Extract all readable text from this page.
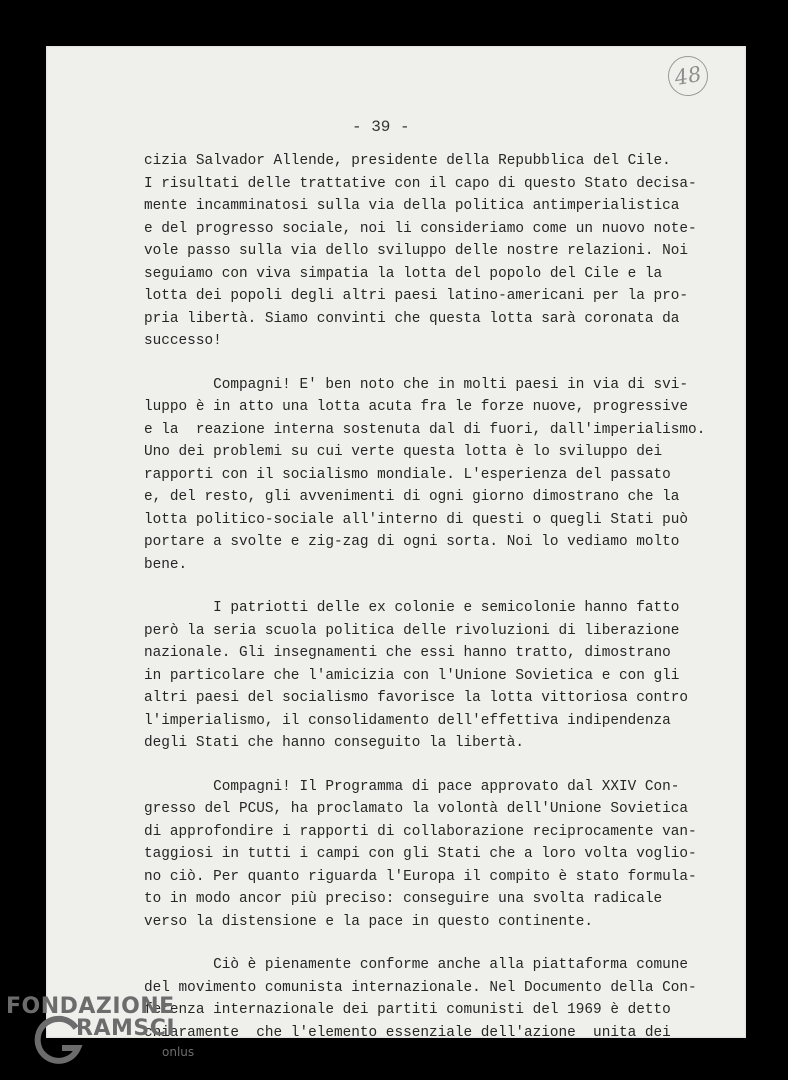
48
- 39 -
cizia Salvador Allende, presidente della Repubblica del Cile.
I risultati delle trattative con il capo di questo Stato decisa-
mente incamminatosi sulla via della politica antimperialistica
e del progresso sociale, noi li consideriamo come un nuovo note-
vole passo sulla via dello sviluppo delle nostre relazioni. Noi
seguiamo con viva simpatia la lotta del popolo del Cile e la
lotta dei popoli degli altri paesi latino-americani per la pro-
pria libertà. Siamo convinti che questa lotta sarà coronata da
successo!
Compagni! E' ben noto che in molti paesi in via di svi-
luppo è in atto una lotta acuta fra le forze nuove, progressive
e la  reazione interna sostenuta dal di fuori, dall'imperialismo.
Uno dei problemi su cui verte questa lotta è lo sviluppo dei
rapporti con il socialismo mondiale. L'esperienza del passato
e, del resto, gli avvenimenti di ogni giorno dimostrano che la
lotta politico-sociale all'interno di questi o quegli Stati può
portare a svolte e zig-zag di ogni sorta. Noi lo vediamo molto
bene.
I patriotti delle ex colonie e semicolonie hanno fatto
però la seria scuola politica delle rivoluzioni di liberazione
nazionale. Gli insegnamenti che essi hanno tratto, dimostrano
in particolare che l'amicizia con l'Unione Sovietica e con gli
altri paesi del socialismo favorisce la lotta vittoriosa contro
l'imperialismo, il consolidamento dell'effettiva indipendenza
degli Stati che hanno conseguito la libertà.
Compagni! Il Programma di pace approvato dal XXIV Con-
gresso del PCUS, ha proclamato la volontà dell'Unione Sovietica
di approfondire i rapporti di collaborazione reciprocamente van-
taggiosi in tutti i campi con gli Stati che a loro volta voglio-
no ciò. Per quanto riguarda l'Europa il compito è stato formula-
to in modo ancor più preciso: conseguire una svolta radicale
verso la distensione e la pace in questo continente.
Ciò è pienamente conforme anche alla piattaforma comune
del movimento comunista internazionale. Nel Documento della Con-
ferenza internazionale dei partiti comunisti del 1969 è detto
chiaramente  che l'elemento essenziale dell'azione  unita dei
FONDAZIONE
RAMSCI
onlus
